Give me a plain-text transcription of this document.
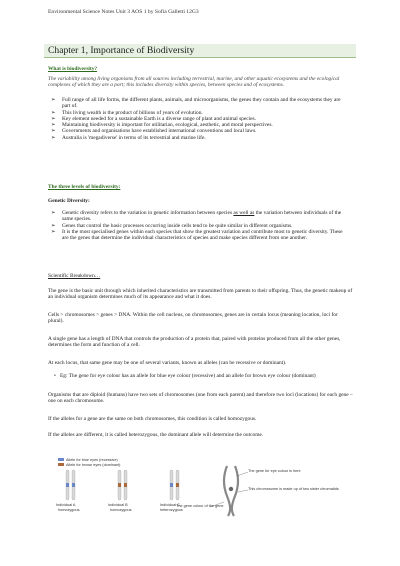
Environmental Science Notes Unit 3 AOS 1 by Sofia Galletti 12G3
Chapter 1, Importance of Biodiversity
What is biodiversity?
The variability among living organisms from all sources including terrestrial, marine, and other aquatic ecosystems and the ecological complexes of which they are a part; this includes diversity within species, between species and of ecosystems.
➢ Full range of all life forms, the different plants, animals, and microorganisms, the genes they contain and the ecosystems they are part of.
➢ This living wealth is the product of billions of years of evolution.
➢ Key element needed for a sustainable Earth is a diverse range of plant and animal species.
➢ Maintaining biodiversity is important for utilitarian, ecological, aesthetic, and moral perspectives.
➢ Governments and organisations have established international conventions and local laws.
➢ Australia is 'megadiverse' in terms of its terrestrial and marine life.
The three levels of biodiversity:
Genetic Diversity:
➢ Genetic diversity refers to the variation in genetic information between species as well as the variation between individuals of the same species.
➢ Genes that control the basic processes occurring inside cells tend to be quite similar in different organisms.
➢ It is the most specialised genes within each species that show the greatest variation and contribute most to genetic diversity. These are the genes that determine the individual characteristics of species and make species different from one another.
Scientific Breakdown…
The gene is the basic unit through which inherited characteristics are transmitted from parents to their offspring. Thus, the genetic makeup of an individual organism determines much of its appearance and what it does.
Cells > chromosomes > genes > DNA. Within the cell nucleus, on chromosomes, genes are in certain locus (meaning location, loci for plural).
A single gene has a length of DNA that controls the production of a protein that, paired with proteins produced from all the other genes, determines the form and function of a cell.
At each locus, that same gene may be one of several variants, known as alleles (can be recessive or dominant).
• Eg: The gene for eye colour has an allele for blue eye colour (recessive) and an allele for brown eye colour (dominant)
Organisms that are diploid (humans) have two sets of chromosomes (one from each parent) and therefore two loci (locations) for each gene – one on each chromosome.
If the alleles for a gene are the same on both chromosomes, this condition is called homozygous.
If the alleles are different, it is called heterozygous, the dominant allele will determine the outcome.
Allele for blue eyes (recessive)
Allele for brown eyes (dominant)
Individual A
homozygous
Individual B
homozygous
Individual C
heterozygous
The gene for eye colour is here
This chromosome is made up of two sister chromatids
The gene colour of the gene
